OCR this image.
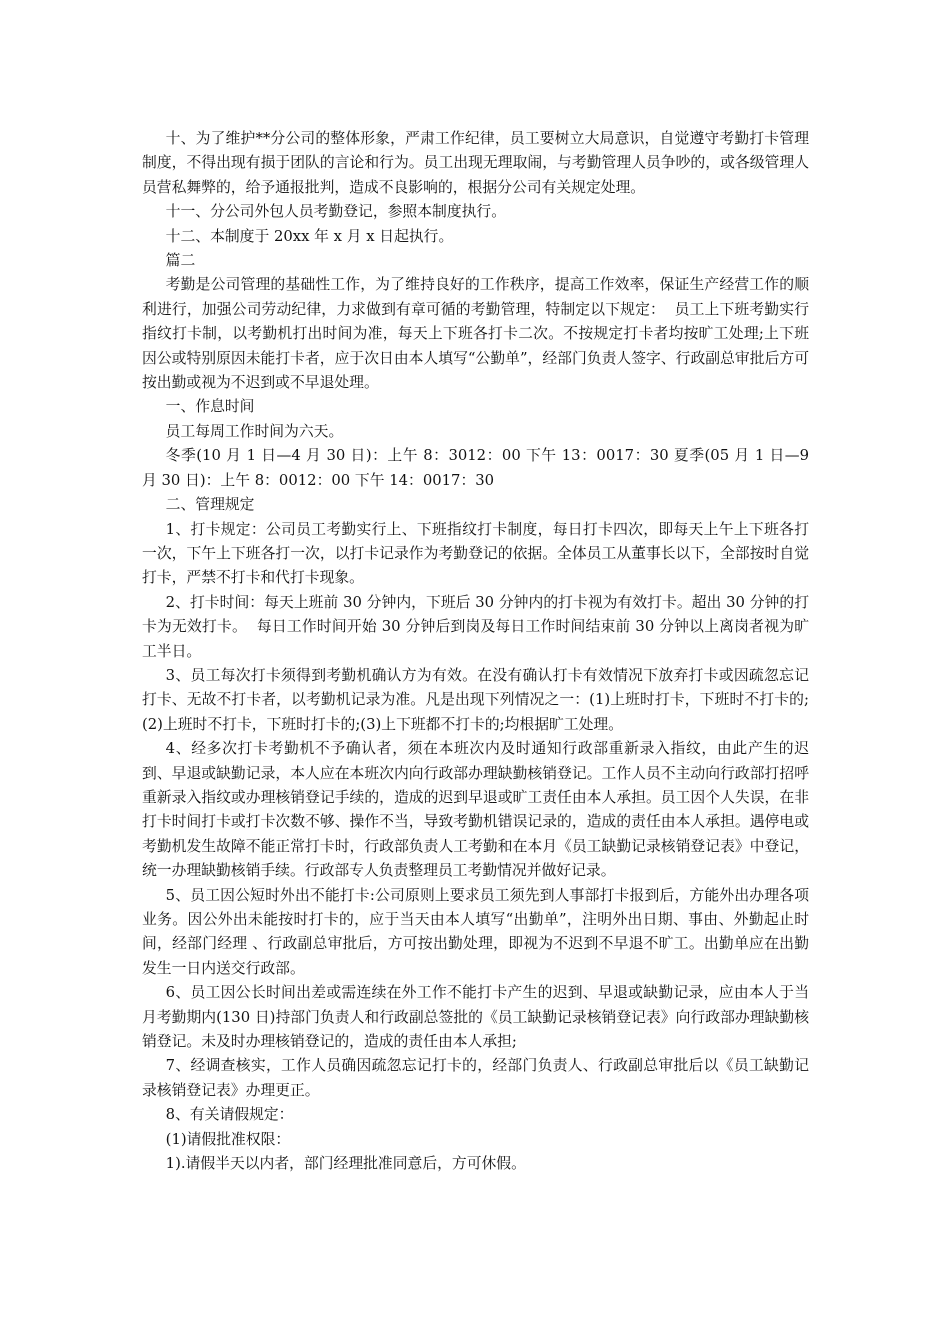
十、为了维护**分公司的整体形象，严肃工作纪律，员工要树立大局意识，自觉遵守考勤打卡管理制度，不得出现有损于团队的言论和行为。员工出现无理取闹，与考勤管理人员争吵的，或各级管理人员营私舞弊的，给予通报批判，造成不良影响的，根据分公司有关规定处理。

十一、分公司外包人员考勤登记，参照本制度执行。

十二、本制度于 20xx 年 x 月 x 日起执行。

篇二

考勤是公司管理的基础性工作，为了维持良好的工作秩序，提高工作效率，保证生产经营工作的顺利进行，加强公司劳动纪律，力求做到有章可循的考勤管理，特制定以下规定：  员工上下班考勤实行指纹打卡制，以考勤机打出时间为准，每天上下班各打卡二次。不按规定打卡者均按旷工处理;上下班因公或特别原因未能打卡者，应于次日由本人填写“公勤单”，经部门负责人签字、行政副总审批后方可按出勤或视为不迟到或不早退处理。

一、作息时间

员工每周工作时间为六天。

冬季(10 月 1 日—4 月 30 日)：上午 8：3012：00 下午 13：0017：30 夏季(05 月 1 日—9 月 30 日)：上午 8：0012：00 下午 14：0017：30

二、管理规定

1、打卡规定：公司员工考勤实行上、下班指纹打卡制度，每日打卡四次，即每天上午上下班各打一次，下午上下班各打一次，以打卡记录作为考勤登记的依据。全体员工从董事长以下，全部按时自觉打卡，严禁不打卡和代打卡现象。

2、打卡时间：每天上班前 30 分钟内，下班后 30 分钟内的打卡视为有效打卡。超出 30 分钟的打卡为无效打卡。  每日工作时间开始 30 分钟后到岗及每日工作时间结束前 30 分钟以上离岗者视为旷工半日。

3、员工每次打卡须得到考勤机确认方为有效。在没有确认打卡有效情况下放弃打卡或因疏忽忘记打卡、无故不打卡者，以考勤机记录为准。凡是出现下列情况之一：(1)上班时打卡，下班时不打卡的;(2)上班时不打卡，下班时打卡的;(3)上下班都不打卡的;均根据旷工处理。

4、经多次打卡考勤机不予确认者，须在本班次内及时通知行政部重新录入指纹，由此产生的迟到、早退或缺勤记录，本人应在本班次内向行政部办理缺勤核销登记。工作人员不主动向行政部打招呼重新录入指纹或办理核销登记手续的，造成的迟到早退或旷工责任由本人承担。员工因个人失误，在非打卡时间打卡或打卡次数不够、操作不当，导致考勤机错误记录的，造成的责任由本人承担。遇停电或考勤机发生故障不能正常打卡时，行政部负责人工考勤和在本月《员工缺勤记录核销登记表》中登记，统一办理缺勤核销手续。行政部专人负责整理员工考勤情况并做好记录。

5、员工因公短时外出不能打卡:公司原则上要求员工须先到人事部打卡报到后，方能外出办理各项业务。因公外出未能按时打卡的，应于当天由本人填写“出勤单”，注明外出日期、事由、外勤起止时间，经部门经理 、行政副总审批后，方可按出勤处理，即视为不迟到不早退不旷工。出勤单应在出勤发生一日内送交行政部。

6、员工因公长时间出差或需连续在外工作不能打卡产生的迟到、早退或缺勤记录，应由本人于当月考勤期内(130 日)持部门负责人和行政副总签批的《员工缺勤记录核销登记表》向行政部办理缺勤核销登记。未及时办理核销登记的，造成的责任由本人承担;

7、经调查核实，工作人员确因疏忽忘记打卡的，经部门负责人、行政副总审批后以《员工缺勤记录核销登记表》办理更正。

8、有关请假规定：

(1)请假批准权限：

1).请假半天以内者，部门经理批准同意后，方可休假。
